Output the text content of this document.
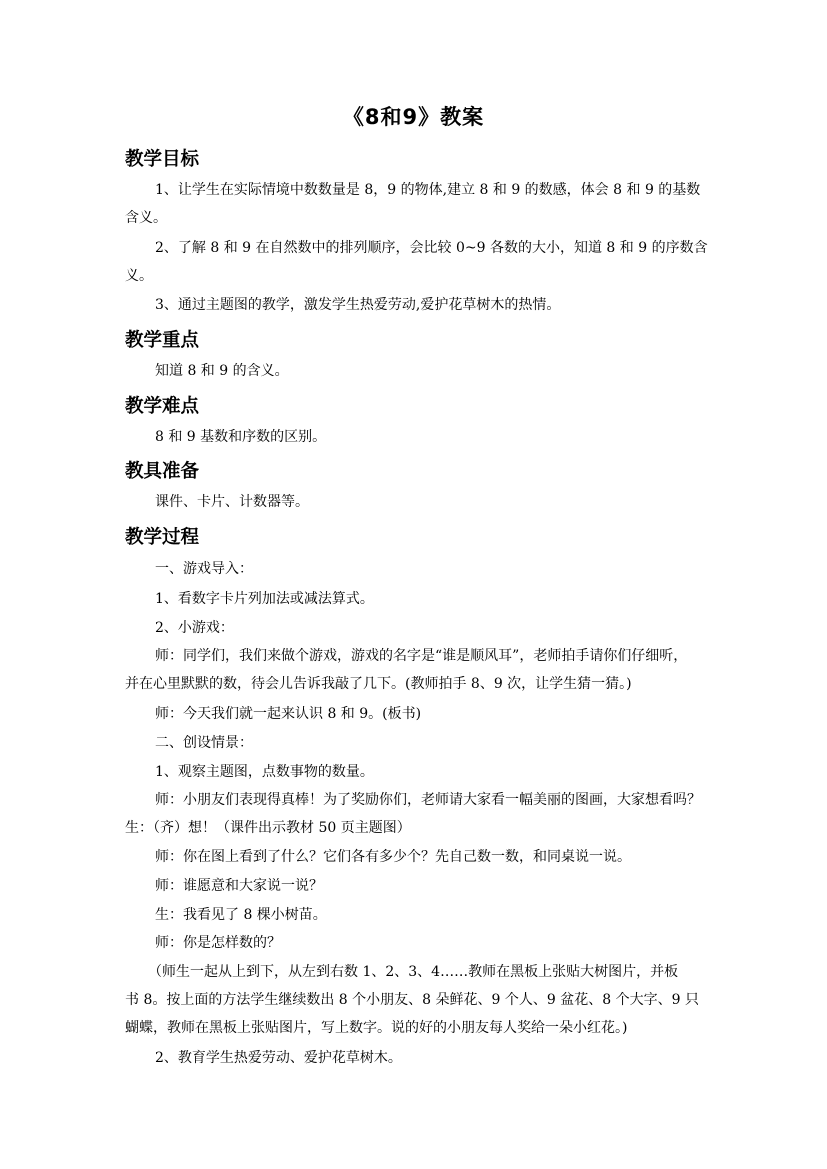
《8和9》教案
教学目标
1、让学生在实际情境中数数量是 8，9 的物体,建立 8 和 9 的数感，体会 8 和 9 的基数
含义。
2、了解 8 和 9 在自然数中的排列顺序，会比较 0~9 各数的大小，知道 8 和 9 的序数含
义。
3、通过主题图的教学，激发学生热爱劳动,爱护花草树木的热情。
教学重点
知道 8 和 9 的含义。
教学难点
8 和 9 基数和序数的区别。
教具准备
课件、卡片、计数器等。
教学过程
一、游戏导入：
1、看数字卡片列加法或减法算式。
2、小游戏：
师：同学们，我们来做个游戏，游戏的名字是“谁是顺风耳”，老师拍手请你们仔细听，
并在心里默默的数，待会儿告诉我敲了几下。(教师拍手 8、9 次，让学生猜一猜。)
师：今天我们就一起来认识 8 和 9。(板书)
二、创设情景：
1、观察主题图，点数事物的数量。
师：小朋友们表现得真棒！为了奖励你们，老师请大家看一幅美丽的图画，大家想看吗？
生：（齐）想！（课件出示教材 50 页主题图）
师：你在图上看到了什么？它们各有多少个？先自己数一数，和同桌说一说。
师：谁愿意和大家说一说？
生：我看见了 8 棵小树苗。
师：你是怎样数的？
（师生一起从上到下，从左到右数 1、2、3、4……教师在黑板上张贴大树图片，并板
书 8。按上面的方法学生继续数出 8 个小朋友、8 朵鲜花、9 个人、9 盆花、8 个大字、9 只
蝴蝶，教师在黑板上张贴图片，写上数字。说的好的小朋友每人奖给一朵小红花。)
2、教育学生热爱劳动、爱护花草树木。
